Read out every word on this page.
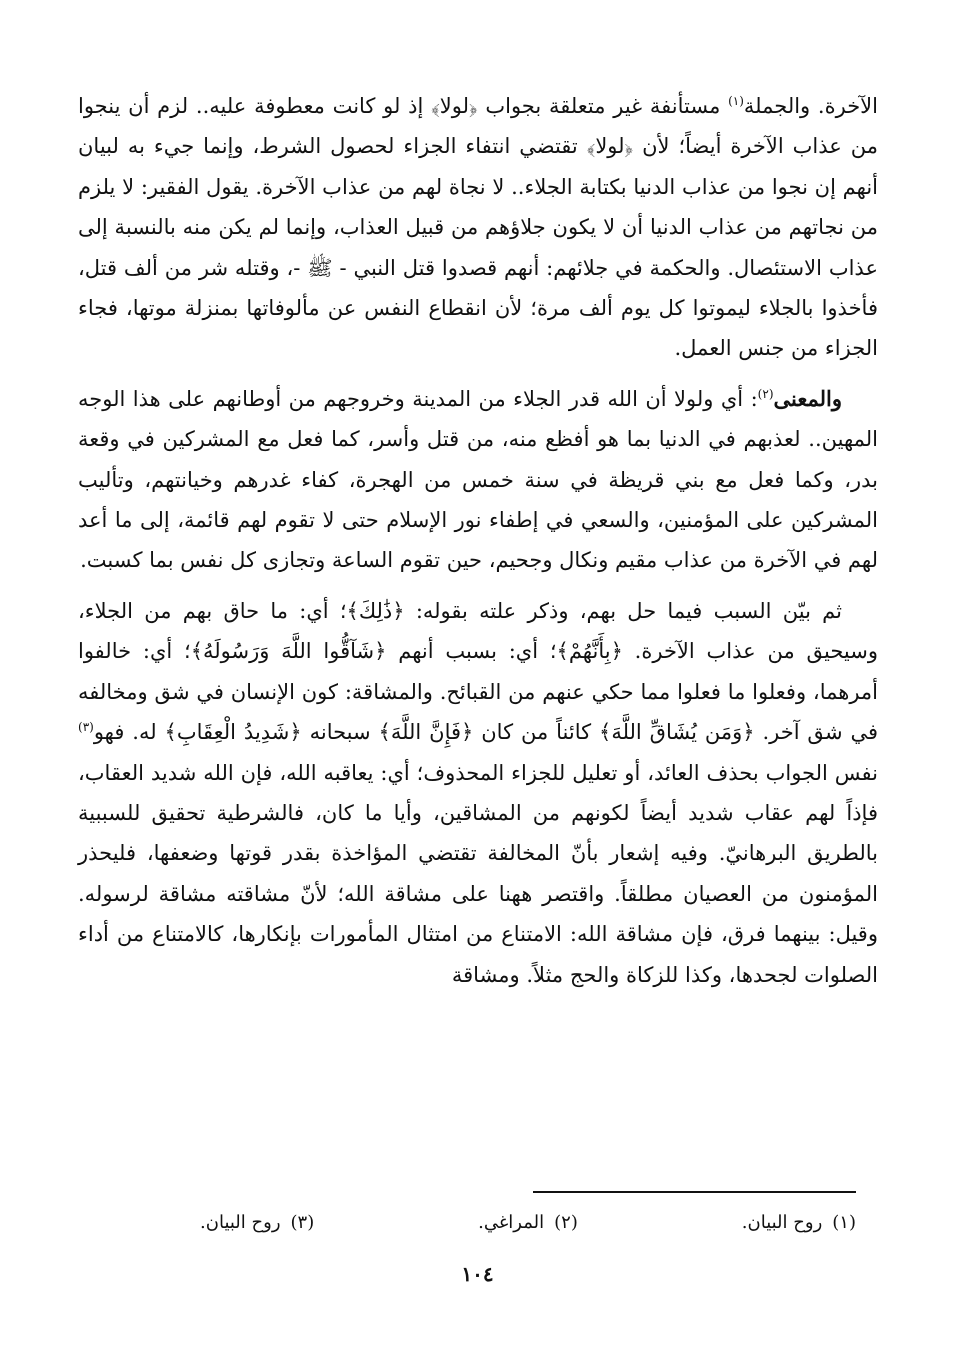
الآخرة. والجملة$^{(١)}$ مستأنفة غير متعلقة بجواب ﴿لولا﴾ إذ لو كانت معطوفة عليه.. لزم أن ينجوا من عذاب الآخرة أيضاً؛ لأن ﴿لولا﴾ تقتضي انتفاء الجزاء لحصول الشرط، وإنما جيء به لبيان أنهم إن نجوا من عذاب الدنيا بكتابة الجلاء.. لا نجاة لهم من عذاب الآخرة. يقول الفقير: لا يلزم من نجاتهم من عذاب الدنيا أن لا يكون جلاؤهم من قبيل العذاب، وإنما لم يكن منه بالنسبة إلى عذاب الاستئصال. والحكمة في جلائهم: أنهم قصدوا قتل النبي - ﷺ -، وقتله شر من ألف قتل، فأخذوا بالجلاء ليموتوا كل يوم ألف مرة؛ لأن انقطاع النفس عن مألوفاتها بمنزلة موتها، فجاء الجزاء من جنس العمل.

والمعنى$^{(٢)}$: أي ولولا أن الله قدر الجلاء من المدينة وخروجهم من أوطانهم على هذا الوجه المهين.. لعذبهم في الدنيا بما هو أفظع منه، من قتل وأسر، كما فعل مع المشركين في وقعة بدر، وكما فعل مع بني قريظة في سنة خمس من الهجرة، كفاء غدرهم وخيانتهم، وتأليب المشركين على المؤمنين، والسعي في إطفاء نور الإسلام حتى لا تقوم لهم قائمة، إلى ما أعد لهم في الآخرة من عذاب مقيم ونكال وجحيم، حين تقوم الساعة وتجازى كل نفس بما كسبت.

ثم بيّن السبب فيما حل بهم، وذكر علته بقوله: ﴿ذَٰلِكَ﴾؛ أي: ما حاق بهم من الجلاء، وسيحيق من عذاب الآخرة. ﴿بِأَنَّهُمْ﴾؛ أي: بسبب أنهم ﴿شَآقُّوا اللَّهَ وَرَسُولَهُ﴾؛ أي: خالفوا أمرهما، وفعلوا ما فعلوا مما حكي عنهم من القبائح. والمشاقة: كون الإنسان في شق ومخالفه في شق آخر. ﴿وَمَن يُشَاقِّ اللَّهَ﴾ كائناً من كان ﴿فَإِنَّ اللَّهَ﴾ سبحانه ﴿شَدِيدُ الْعِقَابِ﴾ له. فهو$^{(٣)}$ نفس الجواب بحذف العائد، أو تعليل للجزاء المحذوف؛ أي: يعاقبه الله، فإن الله شديد العقاب، فإذاً لهم عقاب شديد أيضاً لكونهم من المشاقين، وأيا ما كان، فالشرطية تحقيق للسببية بالطريق البرهانيّ. وفيه إشعار بأنّ المخالفة تقتضي المؤاخذة بقدر قوتها وضعفها، فليحذر المؤمنون من العصيان مطلقاً. واقتصر ههنا على مشاقة الله؛ لأنّ مشاقته مشاقة لرسوله. وقيل: بينهما فرق، فإن مشاقة الله: الامتناع من امتثال المأمورات بإنكارها، كالامتناع من أداء الصلوات لجحدها، وكذا للزكاة والحج مثلاً. ومشاقة

(١)روح البيان.
(٢)المراغي.
(٣)روح البيان.
١٠٤
